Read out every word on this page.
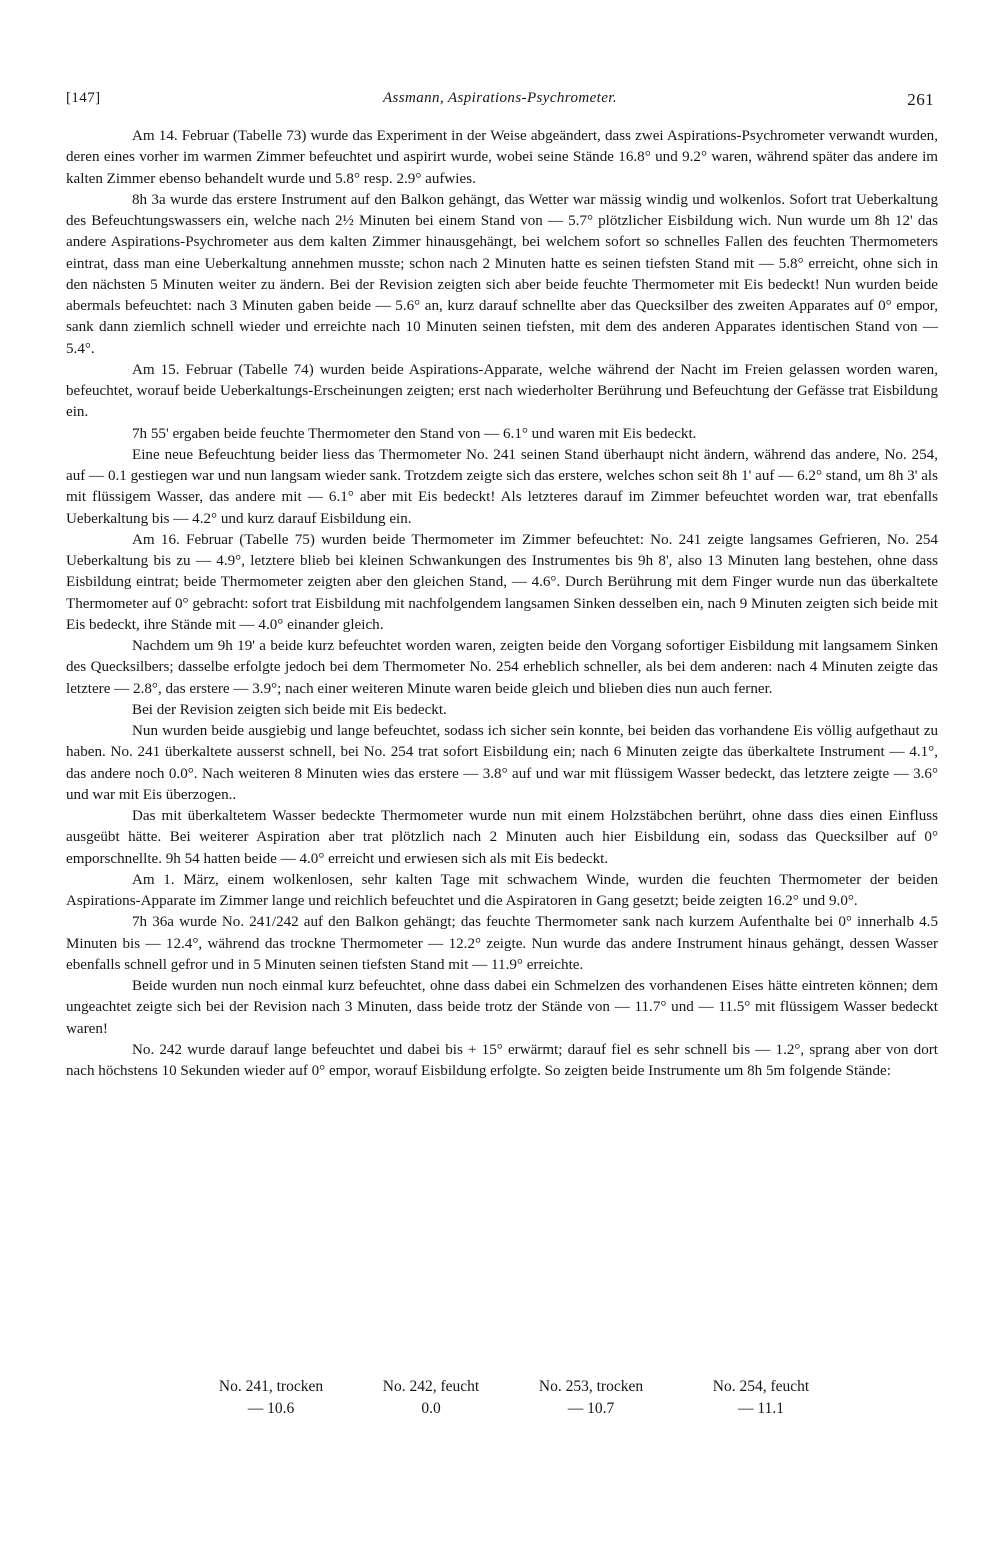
[147]	Assmann, Aspirations-Psychrometer.	261

Am 14. Februar (Tabelle 73) wurde das Experiment in der Weise abgeändert, dass zwei Aspirations-Psychrometer verwandt wurden, deren eines vorher im warmen Zimmer befeuchtet und aspirirt wurde, wobei seine Stände 16.8° und 9.2° waren, während später das andere im kalten Zimmer ebenso behandelt wurde und 5.8° resp. 2.9° aufwies.

8h 3a wurde das erstere Instrument auf den Balkon gehängt, das Wetter war mässig windig und wolkenlos. Sofort trat Ueberkaltung des Befeuchtungswassers ein, welche nach 2½ Minuten bei einem Stand von — 5.7° plötzlicher Eisbildung wich. Nun wurde um 8h 12' das andere Aspirations-Psychrometer aus dem kalten Zimmer hinausgehängt, bei welchem sofort so schnelles Fallen des feuchten Thermometers eintrat, dass man eine Ueberkaltung annehmen musste; schon nach 2 Minuten hatte es seinen tiefsten Stand mit — 5.8° erreicht, ohne sich in den nächsten 5 Minuten weiter zu ändern. Bei der Revision zeigten sich aber beide feuchte Thermometer mit Eis bedeckt! Nun wurden beide abermals befeuchtet: nach 3 Minuten gaben beide — 5.6° an, kurz darauf schnellte aber das Quecksilber des zweiten Apparates auf 0° empor, sank dann ziemlich schnell wieder und erreichte nach 10 Minuten seinen tiefsten, mit dem des anderen Apparates identischen Stand von — 5.4°.

Am 15. Februar (Tabelle 74) wurden beide Aspirations-Apparate, welche während der Nacht im Freien gelassen worden waren, befeuchtet, worauf beide Ueberkaltungs-Erscheinungen zeigten; erst nach wiederholter Berührung und Befeuchtung der Gefässe trat Eisbildung ein.

7h 55' ergaben beide feuchte Thermometer den Stand von — 6.1° und waren mit Eis bedeckt.

Eine neue Befeuchtung beider liess das Thermometer No. 241 seinen Stand überhaupt nicht ändern, während das andere, No. 254, auf — 0.1 gestiegen war und nun langsam wieder sank. Trotzdem zeigte sich das erstere, welches schon seit 8h 1' auf — 6.2° stand, um 8h 3' als mit flüssigem Wasser, das andere mit — 6.1° aber mit Eis bedeckt! Als letzteres darauf im Zimmer befeuchtet worden war, trat ebenfalls Ueberkaltung bis — 4.2° und kurz darauf Eisbildung ein.

Am 16. Februar (Tabelle 75) wurden beide Thermometer im Zimmer befeuchtet: No. 241 zeigte langsames Gefrieren, No. 254 Ueberkaltung bis zu — 4.9°, letztere blieb bei kleinen Schwankungen des Instrumentes bis 9h 8', also 13 Minuten lang bestehen, ohne dass Eisbildung eintrat; beide Thermometer zeigten aber den gleichen Stand, — 4.6°. Durch Berührung mit dem Finger wurde nun das überkaltete Thermometer auf 0° gebracht: sofort trat Eisbildung mit nachfolgendem langsamen Sinken desselben ein, nach 9 Minuten zeigten sich beide mit Eis bedeckt, ihre Stände mit — 4.0° einander gleich.

Nachdem um 9h 19' a beide kurz befeuchtet worden waren, zeigten beide den Vorgang sofortiger Eisbildung mit langsamem Sinken des Quecksilbers; dasselbe erfolgte jedoch bei dem Thermometer No. 254 erheblich schneller, als bei dem anderen: nach 4 Minuten zeigte das letztere — 2.8°, das erstere — 3.9°; nach einer weiteren Minute waren beide gleich und blieben dies nun auch ferner.

Bei der Revision zeigten sich beide mit Eis bedeckt.

Nun wurden beide ausgiebig und lange befeuchtet, sodass ich sicher sein konnte, bei beiden das vorhandene Eis völlig aufgethaut zu haben. No. 241 überkaltete ausserst schnell, bei No. 254 trat sofort Eisbildung ein; nach 6 Minuten zeigte das überkaltete Instrument — 4.1°, das andere noch 0.0°. Nach weiteren 8 Minuten wies das erstere — 3.8° auf und war mit flüssigem Wasser bedeckt, das letztere zeigte — 3.6° und war mit Eis überzogen..

Das mit überkaltetem Wasser bedeckte Thermometer wurde nun mit einem Holzstäbchen berührt, ohne dass dies einen Einfluss ausgeübt hätte. Bei weiterer Aspiration aber trat plötzlich nach 2 Minuten auch hier Eisbildung ein, sodass das Quecksilber auf 0° emporschnellte. 9h 54 hatten beide — 4.0° erreicht und erwiesen sich als mit Eis bedeckt.

Am 1. März, einem wolkenlosen, sehr kalten Tage mit schwachem Winde, wurden die feuchten Thermometer der beiden Aspirations-Apparate im Zimmer lange und reichlich befeuchtet und die Aspiratoren in Gang gesetzt; beide zeigten 16.2° und 9.0°.

7h 36a wurde No. 241/242 auf den Balkon gehängt; das feuchte Thermometer sank nach kurzem Aufenthalte bei 0° innerhalb 4.5 Minuten bis — 12.4°, während das trockne Thermometer — 12.2° zeigte. Nun wurde das andere Instrument hinaus gehängt, dessen Wasser ebenfalls schnell gefror und in 5 Minuten seinen tiefsten Stand mit — 11.9° erreichte.

Beide wurden nun noch einmal kurz befeuchtet, ohne dass dabei ein Schmelzen des vorhandenen Eises hätte eintreten können; dem ungeachtet zeigte sich bei der Revision nach 3 Minuten, dass beide trotz der Stände von — 11.7° und — 11.5° mit flüssigem Wasser bedeckt waren!

No. 242 wurde darauf lange befeuchtet und dabei bis + 15° erwärmt; darauf fiel es sehr schnell bis — 1.2°, sprang aber von dort nach höchstens 10 Sekunden wieder auf 0° empor, worauf Eisbildung erfolgte. So zeigten beide Instrumente um 8h 5m folgende Stände:

No. 241, trocken
— 10.6
No. 242, feucht
0.0
No. 253, trocken
— 10.7
No. 254, feucht
— 11.1
